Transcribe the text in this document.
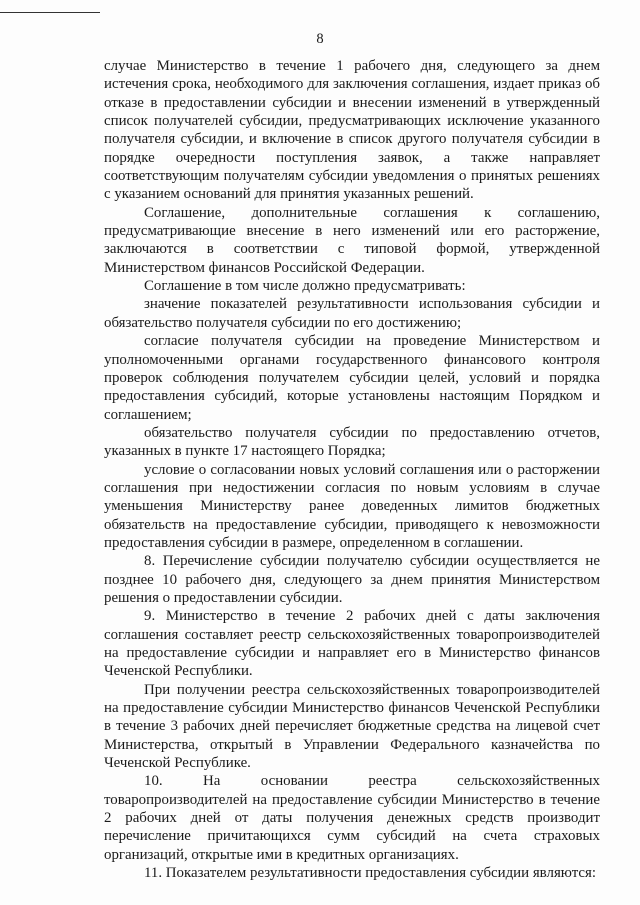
8

случае Министерство в течение 1 рабочего дня, следующего за днем истечения срока, необходимого для заключения соглашения, издает приказ об отказе в предоставлении субсидии и внесении изменений в утвержденный список получателей субсидии, предусматривающих исключение указанного получателя субсидии, и включение в список другого получателя субсидии в порядке очередности поступления заявок, а также направляет соответствующим получателям субсидии уведомления о принятых решениях с указанием оснований для принятия указанных решений.

Соглашение, дополнительные соглашения к соглашению, предусматривающие внесение в него изменений или его расторжение, заключаются в соответствии с типовой формой, утвержденной Министерством финансов Российской Федерации.

Соглашение в том числе должно предусматривать:

значение показателей результативности использования субсидии и обязательство получателя субсидии по его достижению;

согласие получателя субсидии на проведение Министерством и уполномоченными органами государственного финансового контроля проверок соблюдения получателем субсидии целей, условий и порядка предоставления субсидий, которые установлены настоящим Порядком и соглашением;

обязательство получателя субсидии по предоставлению отчетов, указанных в пункте 17 настоящего Порядка;

условие о согласовании новых условий соглашения или о расторжении соглашения при недостижении согласия по новым условиям в случае уменьшения Министерству ранее доведенных лимитов бюджетных обязательств на предоставление субсидии, приводящего к невозможности предоставления субсидии в размере, определенном в соглашении.

8. Перечисление субсидии получателю субсидии осуществляется не позднее 10 рабочего дня, следующего за днем принятия Министерством решения о предоставлении субсидии.

9. Министерство в течение 2 рабочих дней с даты заключения соглашения составляет реестр сельскохозяйственных товаропроизводителей на предоставление субсидии и направляет его в Министерство финансов Чеченской Республики.

При получении реестра сельскохозяйственных товаропроизводителей на предоставление субсидии Министерство финансов Чеченской Республики в течение 3 рабочих дней перечисляет бюджетные средства на лицевой счет Министерства, открытый в Управлении Федерального казначейства по Чеченской Республике.

10. На основании реестра сельскохозяйственных товаропроизводителей на предоставление субсидии Министерство в течение 2 рабочих дней от даты получения денежных средств производит перечисление причитающихся сумм субсидий на счета страховых организаций, открытые ими в кредитных организациях.

11. Показателем результативности предоставления субсидии являются:
